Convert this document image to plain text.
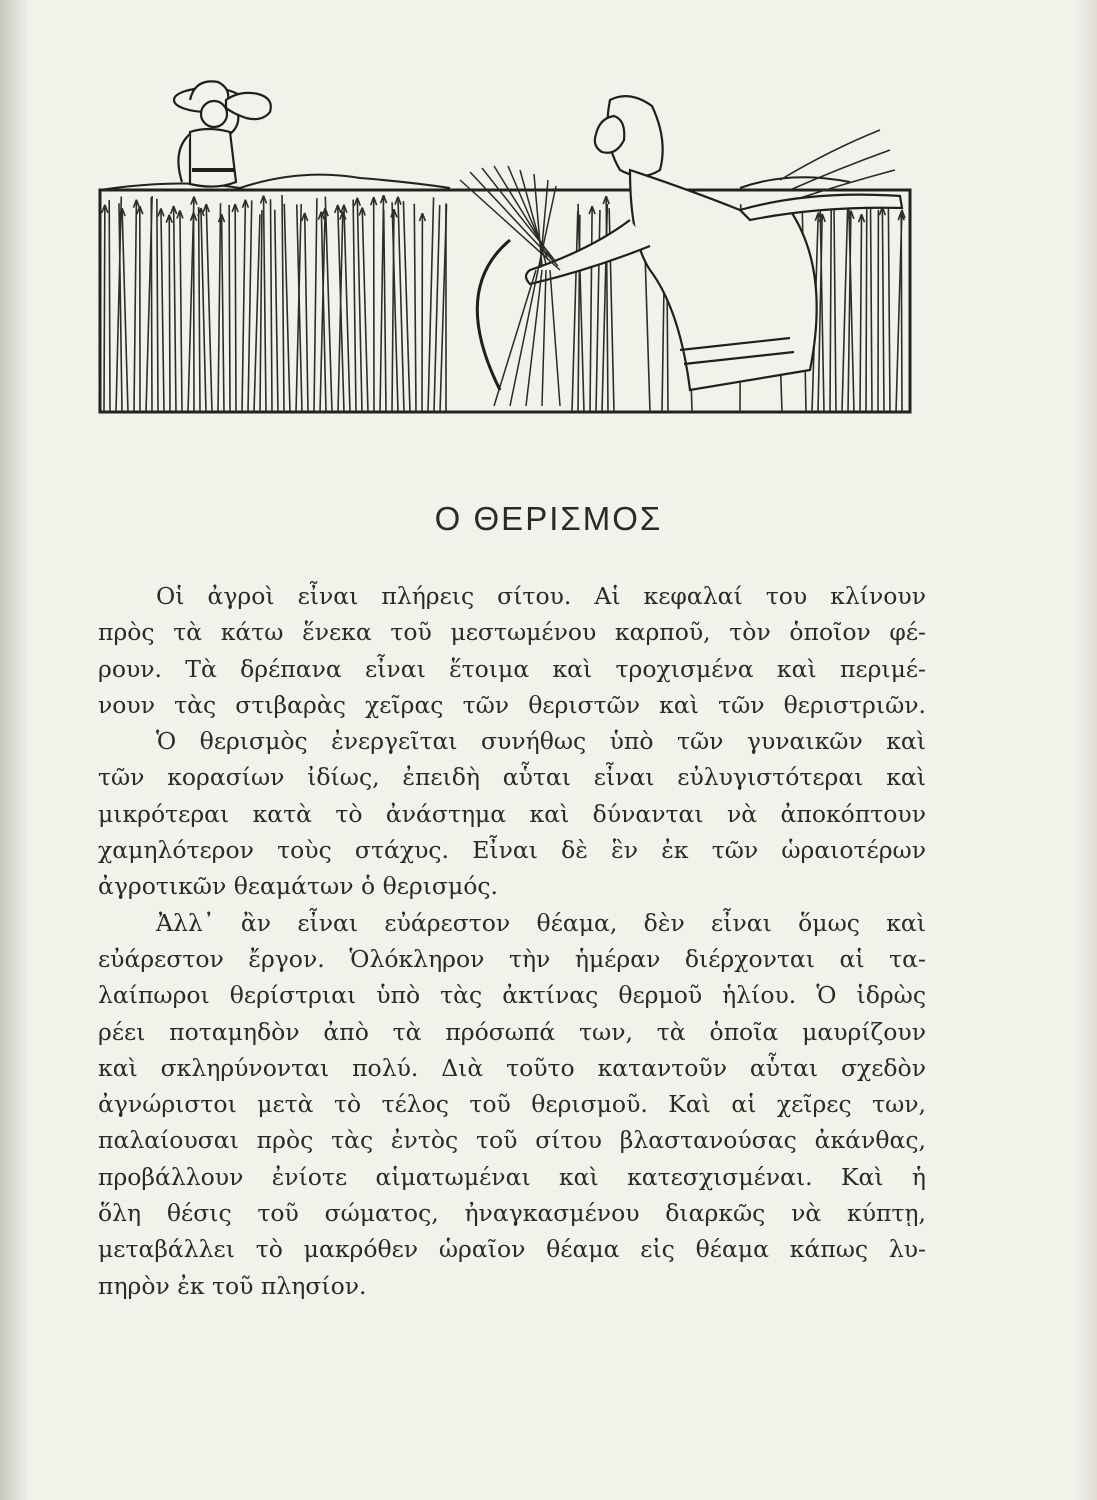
Ο ΘΕΡΙΣΜΟΣ
Οἱ ἀγροὶ εἶναι πλήρεις σίτου. Αἱ κεφαλαί του κλίνουν
πρὸς τὰ κάτω ἕνεκα τοῦ μεστωμένου καρποῦ, τὸν ὁποῖον φέ-
ρουν. Τὰ δρέπανα εἶναι ἕτοιμα καὶ τροχισμένα καὶ περιμέ-
νουν τὰς στιβαρὰς χεῖρας τῶν θεριστῶν καὶ τῶν θεριστριῶν.
Ὁ θερισμὸς ἐνεργεῖται συνήθως ὑπὸ τῶν γυναικῶν καὶ
τῶν κορασίων ἰδίως, ἐπειδὴ αὗται εἶναι εὐλυγιστότεραι καὶ
μικρότεραι κατὰ τὸ ἀνάστημα καὶ δύνανται νὰ ἀποκόπτουν
χαμηλότερον τοὺς στάχυς. Εἶναι δὲ ἓν ἐκ τῶν ὡραιοτέρων
ἀγροτικῶν θεαμάτων ὁ θερισμός.
Ἀλλ᾽ ἂν εἶναι εὐάρεστον θέαμα, δὲν εἶναι ὅμως καὶ
εὐάρεστον ἔργον. Ὁλόκληρον τὴν ἡμέραν διέρχονται αἱ τα-
λαίπωροι θερίστριαι ὑπὸ τὰς ἀκτίνας θερμοῦ ἡλίου. Ὁ ἱδρὼς
ρέει ποταμηδὸν ἀπὸ τὰ πρόσωπά των, τὰ ὁποῖα μαυρίζουν
καὶ σκληρύνονται πολύ. Διὰ τοῦτο καταντοῦν αὗται σχεδὸν
ἀγνώριστοι μετὰ τὸ τέλος τοῦ θερισμοῦ. Καὶ αἱ χεῖρες των,
παλαίουσαι πρὸς τὰς ἐντὸς τοῦ σίτου βλαστανούσας ἀκάνθας,
προβάλλουν ἐνίοτε αἱματωμέναι καὶ κατεσχισμέναι. Καὶ ἡ
ὅλη θέσις τοῦ σώματος, ἠναγκασμένου διαρκῶς νὰ κύπτῃ,
μεταβάλλει τὸ μακρόθεν ὡραῖον θέαμα εἰς θέαμα κάπως λυ-
πηρὸν ἐκ τοῦ πλησίον.
